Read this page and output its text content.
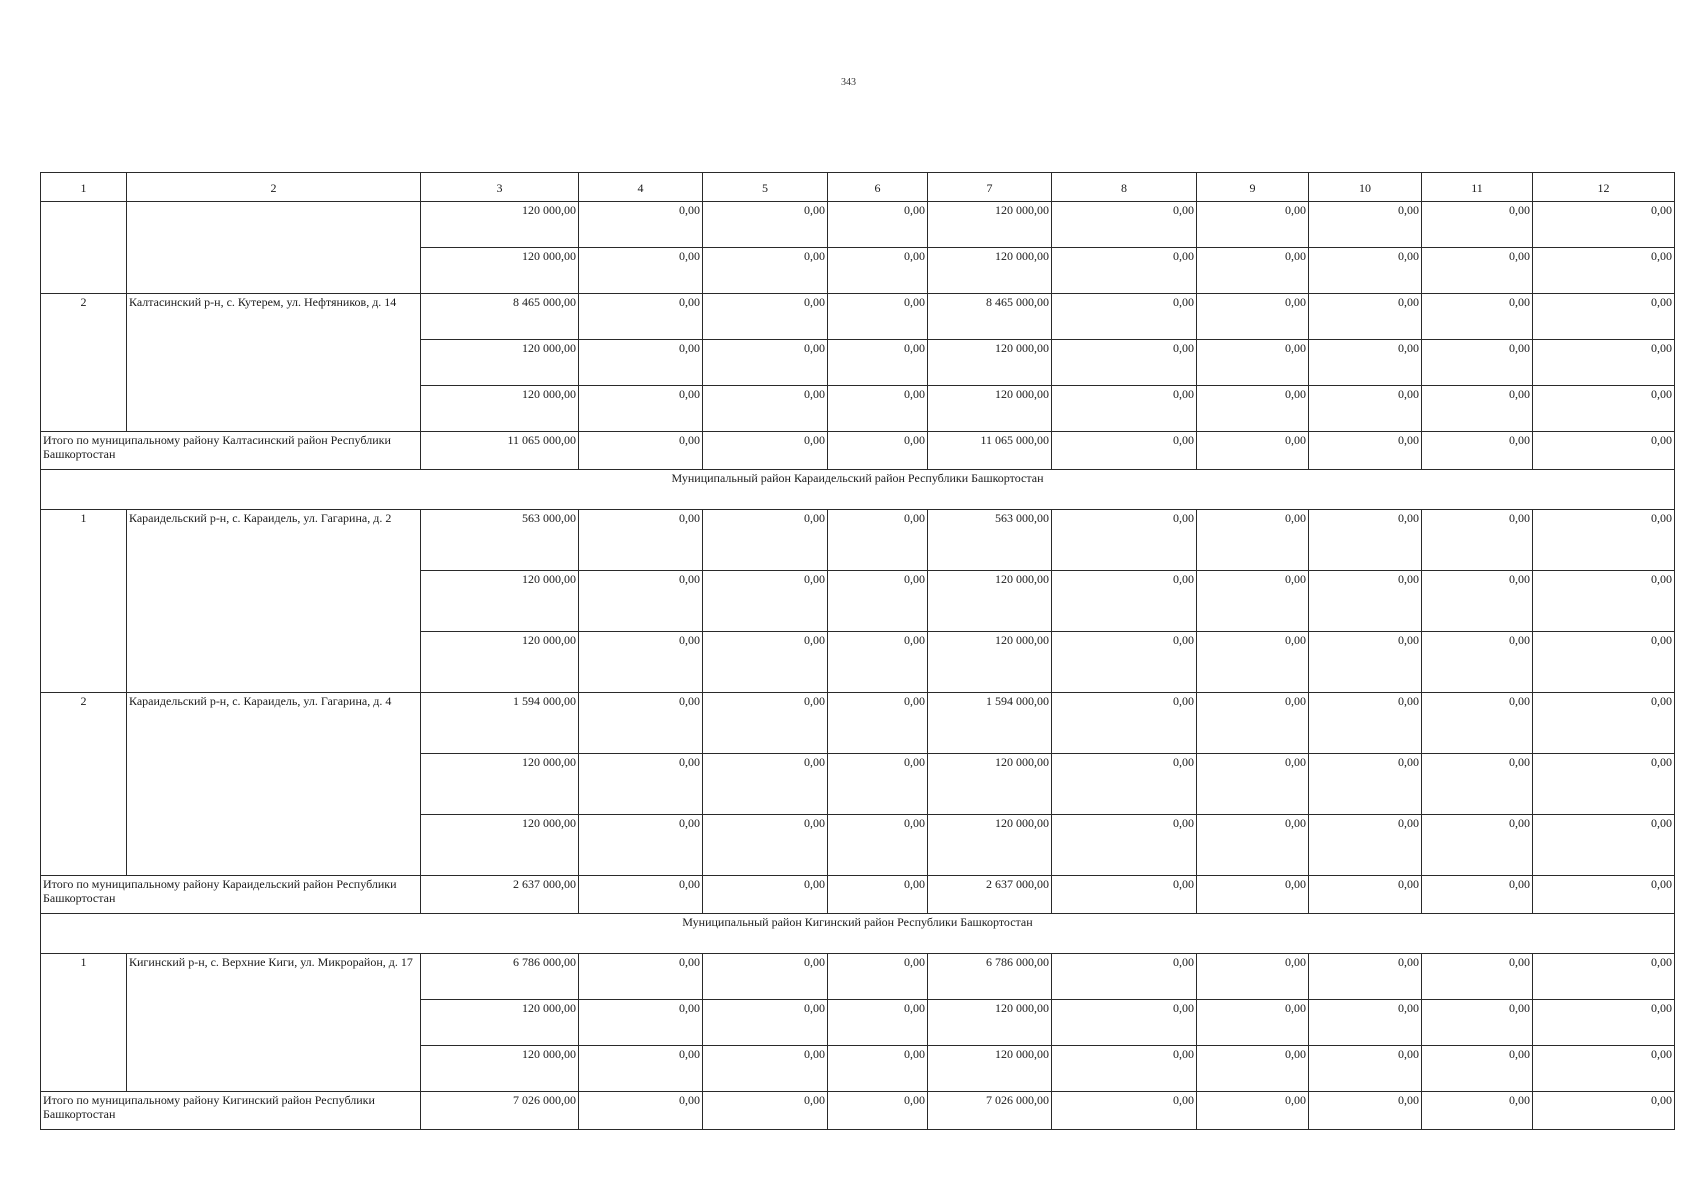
343
1	2	3	4	5	6	7	8	9	10	11	12
		120 000,00	0,00	0,00	0,00	120 000,00	0,00	0,00	0,00	0,00	0,00
		120 000,00	0,00	0,00	0,00	120 000,00	0,00	0,00	0,00	0,00	0,00
2	Калтасинский р-н, с. Кутерем, ул. Нефтяников, д. 14	8 465 000,00	0,00	0,00	0,00	8 465 000,00	0,00	0,00	0,00	0,00	0,00
		120 000,00	0,00	0,00	0,00	120 000,00	0,00	0,00	0,00	0,00	0,00
		120 000,00	0,00	0,00	0,00	120 000,00	0,00	0,00	0,00	0,00	0,00
Итого по муниципальному району Калтасинский район Республики Башкортостан		11 065 000,00	0,00	0,00	0,00	11 065 000,00	0,00	0,00	0,00	0,00	0,00
Муниципальный район Караидельский район Республики Башкортостан											
1	Караидельский р-н, с. Караидель, ул. Гагарина, д. 2	563 000,00	0,00	0,00	0,00	563 000,00	0,00	0,00	0,00	0,00	0,00
		120 000,00	0,00	0,00	0,00	120 000,00	0,00	0,00	0,00	0,00	0,00
		120 000,00	0,00	0,00	0,00	120 000,00	0,00	0,00	0,00	0,00	0,00
2	Караидельский р-н, с. Караидель, ул. Гагарина, д. 4	1 594 000,00	0,00	0,00	0,00	1 594 000,00	0,00	0,00	0,00	0,00	0,00
		120 000,00	0,00	0,00	0,00	120 000,00	0,00	0,00	0,00	0,00	0,00
		120 000,00	0,00	0,00	0,00	120 000,00	0,00	0,00	0,00	0,00	0,00
Итого по муниципальному району Караидельский район Республики Башкортостан		2 637 000,00	0,00	0,00	0,00	2 637 000,00	0,00	0,00	0,00	0,00	0,00
Муниципальный район Кигинский район Республики Башкортостан											
1	Кигинский р-н, с. Верхние Киги, ул. Микрорайон, д. 17	6 786 000,00	0,00	0,00	0,00	6 786 000,00	0,00	0,00	0,00	0,00	0,00
		120 000,00	0,00	0,00	0,00	120 000,00	0,00	0,00	0,00	0,00	0,00
		120 000,00	0,00	0,00	0,00	120 000,00	0,00	0,00	0,00	0,00	0,00
Итого по муниципальному району Кигинский район Республики Башкортостан		7 026 000,00	0,00	0,00	0,00	7 026 000,00	0,00	0,00	0,00	0,00	0,00
